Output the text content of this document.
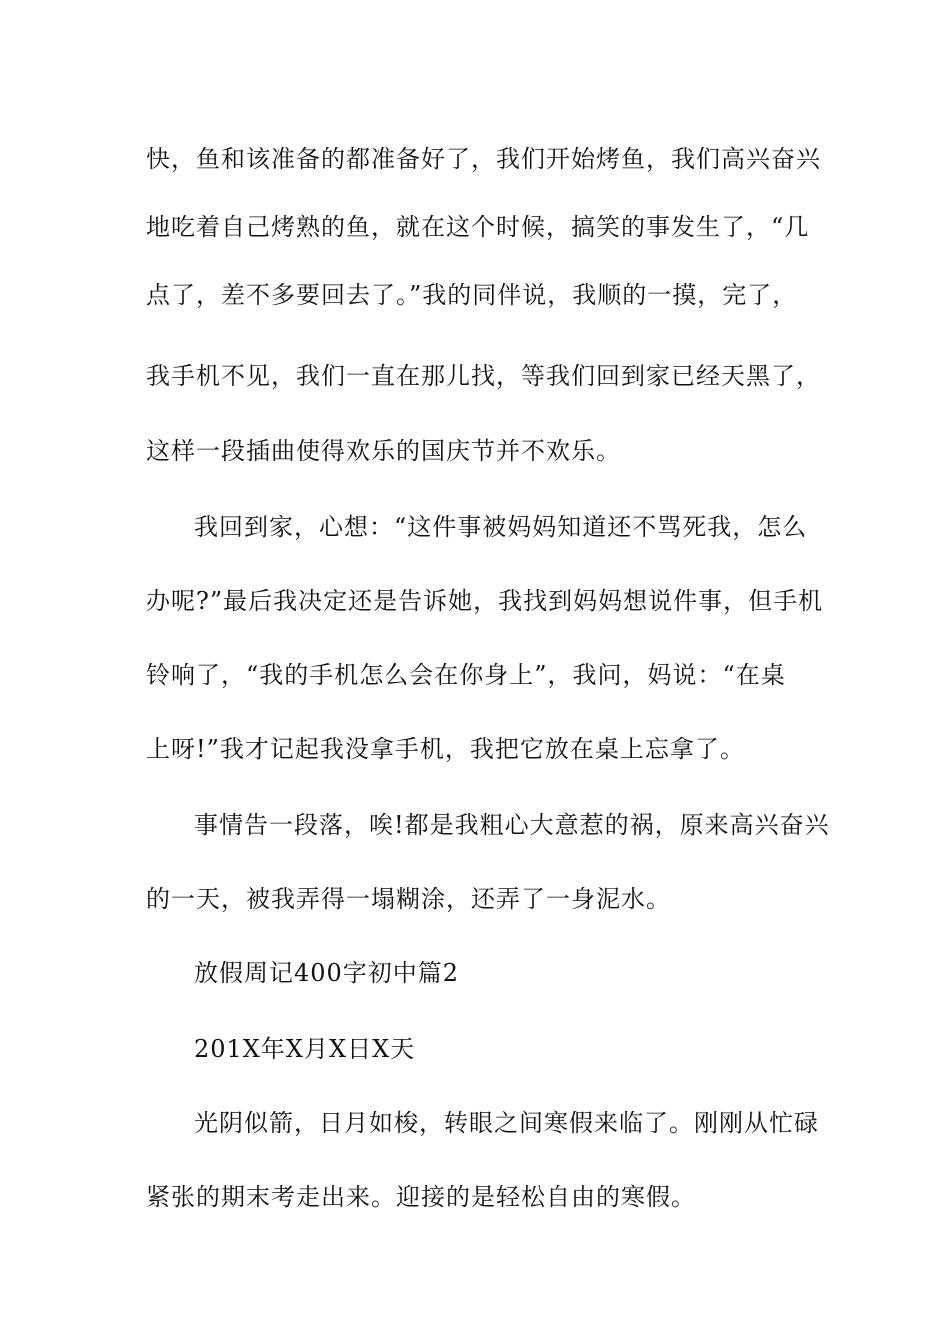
快，鱼和该准备的都准备好了，我们开始烤鱼，我们高兴奋兴
地吃着自己烤熟的鱼，就在这个时候，搞笑的事发生了，“几
点了，差不多要回去了。”我的同伴说，我顺的一摸，完了，
我手机不见，我们一直在那儿找，等我们回到家已经天黑了，
这样一段插曲使得欢乐的国庆节并不欢乐。
我回到家，心想：“这件事被妈妈知道还不骂死我，怎么
办呢?”最后我决定还是告诉她，我找到妈妈想说件事，但手机
铃响了，“我的手机怎么会在你身上”，我问，妈说：“在桌
上呀!”我才记起我没拿手机，我把它放在桌上忘拿了。
事情告一段落，唉!都是我粗心大意惹的祸，原来高兴奋兴
的一天，被我弄得一塌糊涂，还弄了一身泥水。
放假周记400字初中篇2
201X年X月X日X天
光阴似箭，日月如梭，转眼之间寒假来临了。刚刚从忙碌
紧张的期末考走出来。迎接的是轻松自由的寒假。
